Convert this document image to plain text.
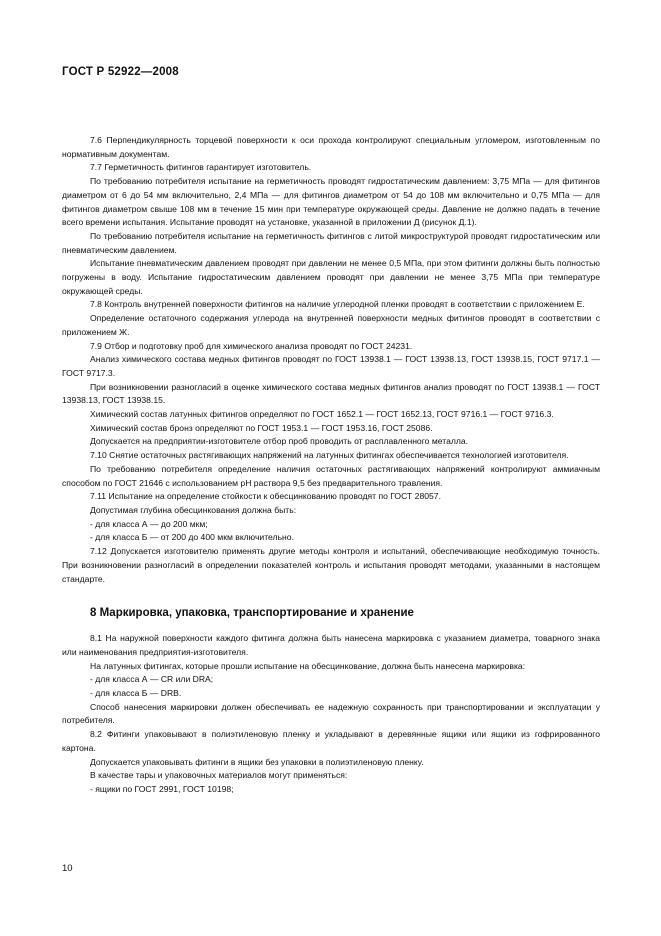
ГОСТ Р 52922—2008

7.6 Перпендикулярность торцевой поверхности к оси прохода контролируют специальным угломером, изготовленным по нормативным документам.

7.7 Герметичность фитингов гарантирует изготовитель.

По требованию потребителя испытание на герметичность проводят гидростатическим давлением: 3,75 МПа — для фитингов диаметром от 6 до 54 мм включительно, 2,4 МПа — для фитингов диаметром от 54 до 108 мм включительно и 0,75 МПа — для фитингов диаметром свыше 108 мм в течение 15 мин при температуре окружающей среды. Давление не должно падать в течение всего времени испытания. Испытание проводят на установке, указанной в приложении Д (рисунок Д.1).

По требованию потребителя испытание на герметичность фитингов с литой микроструктурой проводят гидростатическим или пневматическим давлением.

Испытание пневматическим давлением проводят при давлении не менее 0,5 МПа, при этом фитинги должны быть полностью погружены в воду. Испытание гидростатическим давлением проводят при давлении не менее 3,75 МПа при температуре окружающей среды.

7.8 Контроль внутренней поверхности фитингов на наличие углеродной пленки проводят в соответствии с приложением Е.

Определение остаточного содержания углерода на внутренней поверхности медных фитингов проводят в соответствии с приложением Ж.

7.9 Отбор и подготовку проб для химического анализа проводят по ГОСТ 24231.

Анализ химического состава медных фитингов проводят по ГОСТ 13938.1 — ГОСТ 13938.13, ГОСТ 13938.15, ГОСТ 9717.1 — ГОСТ 9717.3.

При возникновении разногласий в оценке химического состава медных фитингов анализ проводят по ГОСТ 13938.1 — ГОСТ 13938.13, ГОСТ 13938.15.

Химический состав латунных фитингов определяют по ГОСТ 1652.1 — ГОСТ 1652.13, ГОСТ 9716.1 — ГОСТ 9716.3.

Химический состав бронз определяют по ГОСТ 1953.1 — ГОСТ 1953.16, ГОСТ 25086.

Допускается на предприятии-изготовителе отбор проб проводить от расплавленного металла.

7.10 Снятие остаточных растягивающих напряжений на латунных фитингах обеспечивается технологией изготовителя.

По требованию потребителя определение наличия остаточных растягивающих напряжений контролируют аммиачным способом по ГОСТ 21646 с использованием pH раствора 9,5 без предварительного травления.

7.11 Испытание на определение стойкости к обесцинкованию проводят по ГОСТ 28057.

Допустимая глубина обесцинкования должна быть:

- для класса А — до 200 мкм;

- для класса Б — от 200 до 400 мкм включительно.

7.12 Допускается изготовителю применять другие методы контроля и испытаний, обеспечивающие необходимую точность. При возникновении разногласий в определении показателей контроль и испытания проводят методами, указанными в настоящем стандарте.

8 Маркировка, упаковка, транспортирование и хранение

8.1 На наружной поверхности каждого фитинга должна быть нанесена маркировка с указанием диаметра, товарного знака или наименования предприятия-изготовителя.

На латунных фитингах, которые прошли испытание на обесцинкование, должна быть нанесена маркировка:

- для класса А — CR или DRA;

- для класса Б — DRB.

Способ нанесения маркировки должен обеспечивать ее надежную сохранность при транспортировании и эксплуатации у потребителя.

8.2 Фитинги упаковывают в полиэтиленовую пленку и укладывают в деревянные ящики или ящики из гофрированного картона.

Допускается упаковывать фитинги в ящики без упаковки в полиэтиленовую пленку.

В качестве тары и упаковочных материалов могут применяться:

- ящики по ГОСТ 2991, ГОСТ 10198;

10
